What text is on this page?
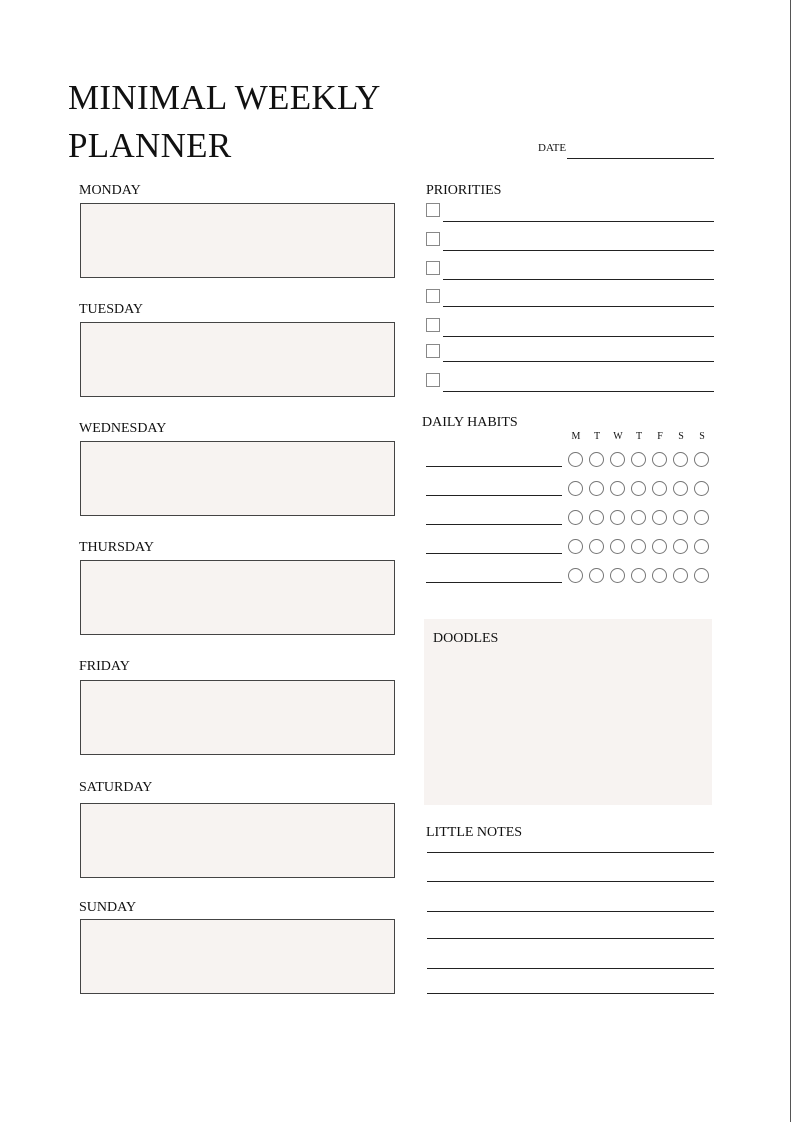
MINIMAL WEEKLY
PLANNER	DATE
MONDAY
TUESDAY
WEDNESDAY
THURSDAY
FRIDAY
SATURDAY
SUNDAY
PRIORITIES
DAILY HABITS
M	T	W	T	F	S	S
DOODLES
LITTLE NOTES
